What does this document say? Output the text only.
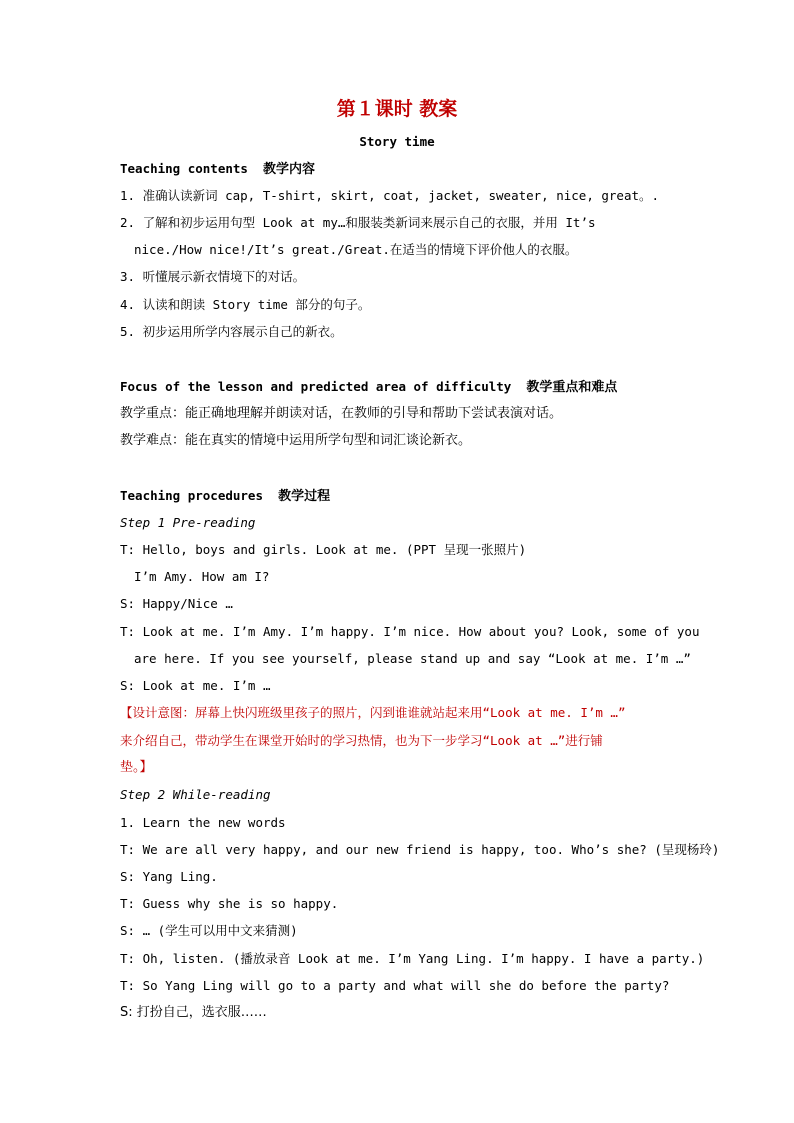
第１课时 教案
Story time
Teaching contents 教学内容
1. 准确认读新词 cap, T-shirt, skirt, coat, jacket, sweater, nice, great。.
2. 了解和初步运用句型 Look at my…和服装类新词来展示自己的衣服，并用 It’s
nice./How nice!/It’s great./Great.在适当的情境下评价他人的衣服。
3. 听懂展示新衣情境下的对话。
4. 认读和朗读 Story time 部分的句子。
5. 初步运用所学内容展示自己的新衣。
Focus of the lesson and predicted area of difficulty 教学重点和难点
教学重点：能正确地理解并朗读对话，在教师的引导和帮助下尝试表演对话。
教学难点：能在真实的情境中运用所学句型和词汇谈论新衣。
Teaching procedures 教学过程
Step 1 Pre-reading
T: Hello, boys and girls. Look at me. (PPT 呈现一张照片)
I’m Amy. How am I?
S: Happy/Nice …
T: Look at me. I’m Amy. I’m happy. I’m nice. How about you? Look, some of you
are here. If you see yourself, please stand up and say “Look at me. I’m …”
S: Look at me. I’m …
【设计意图：屏幕上快闪班级里孩子的照片，闪到谁谁就站起来用“Look at me. I’m …”
来介绍自己，带动学生在课堂开始时的学习热情，也为下一步学习“Look at …”进行铺
垫。】
Step 2 While-reading
1. Learn the new words
T: We are all very happy, and our new friend is happy, too. Who’s she? (呈现杨玲)
S: Yang Ling.
T: Guess why she is so happy.
S: … (学生可以用中文来猜测)
T: Oh, listen. (播放录音 Look at me. I’m Yang Ling. I’m happy. I have a party.)
T: So Yang Ling will go to a party and what will she do before the party?
S: 打扮自己，选衣服……
